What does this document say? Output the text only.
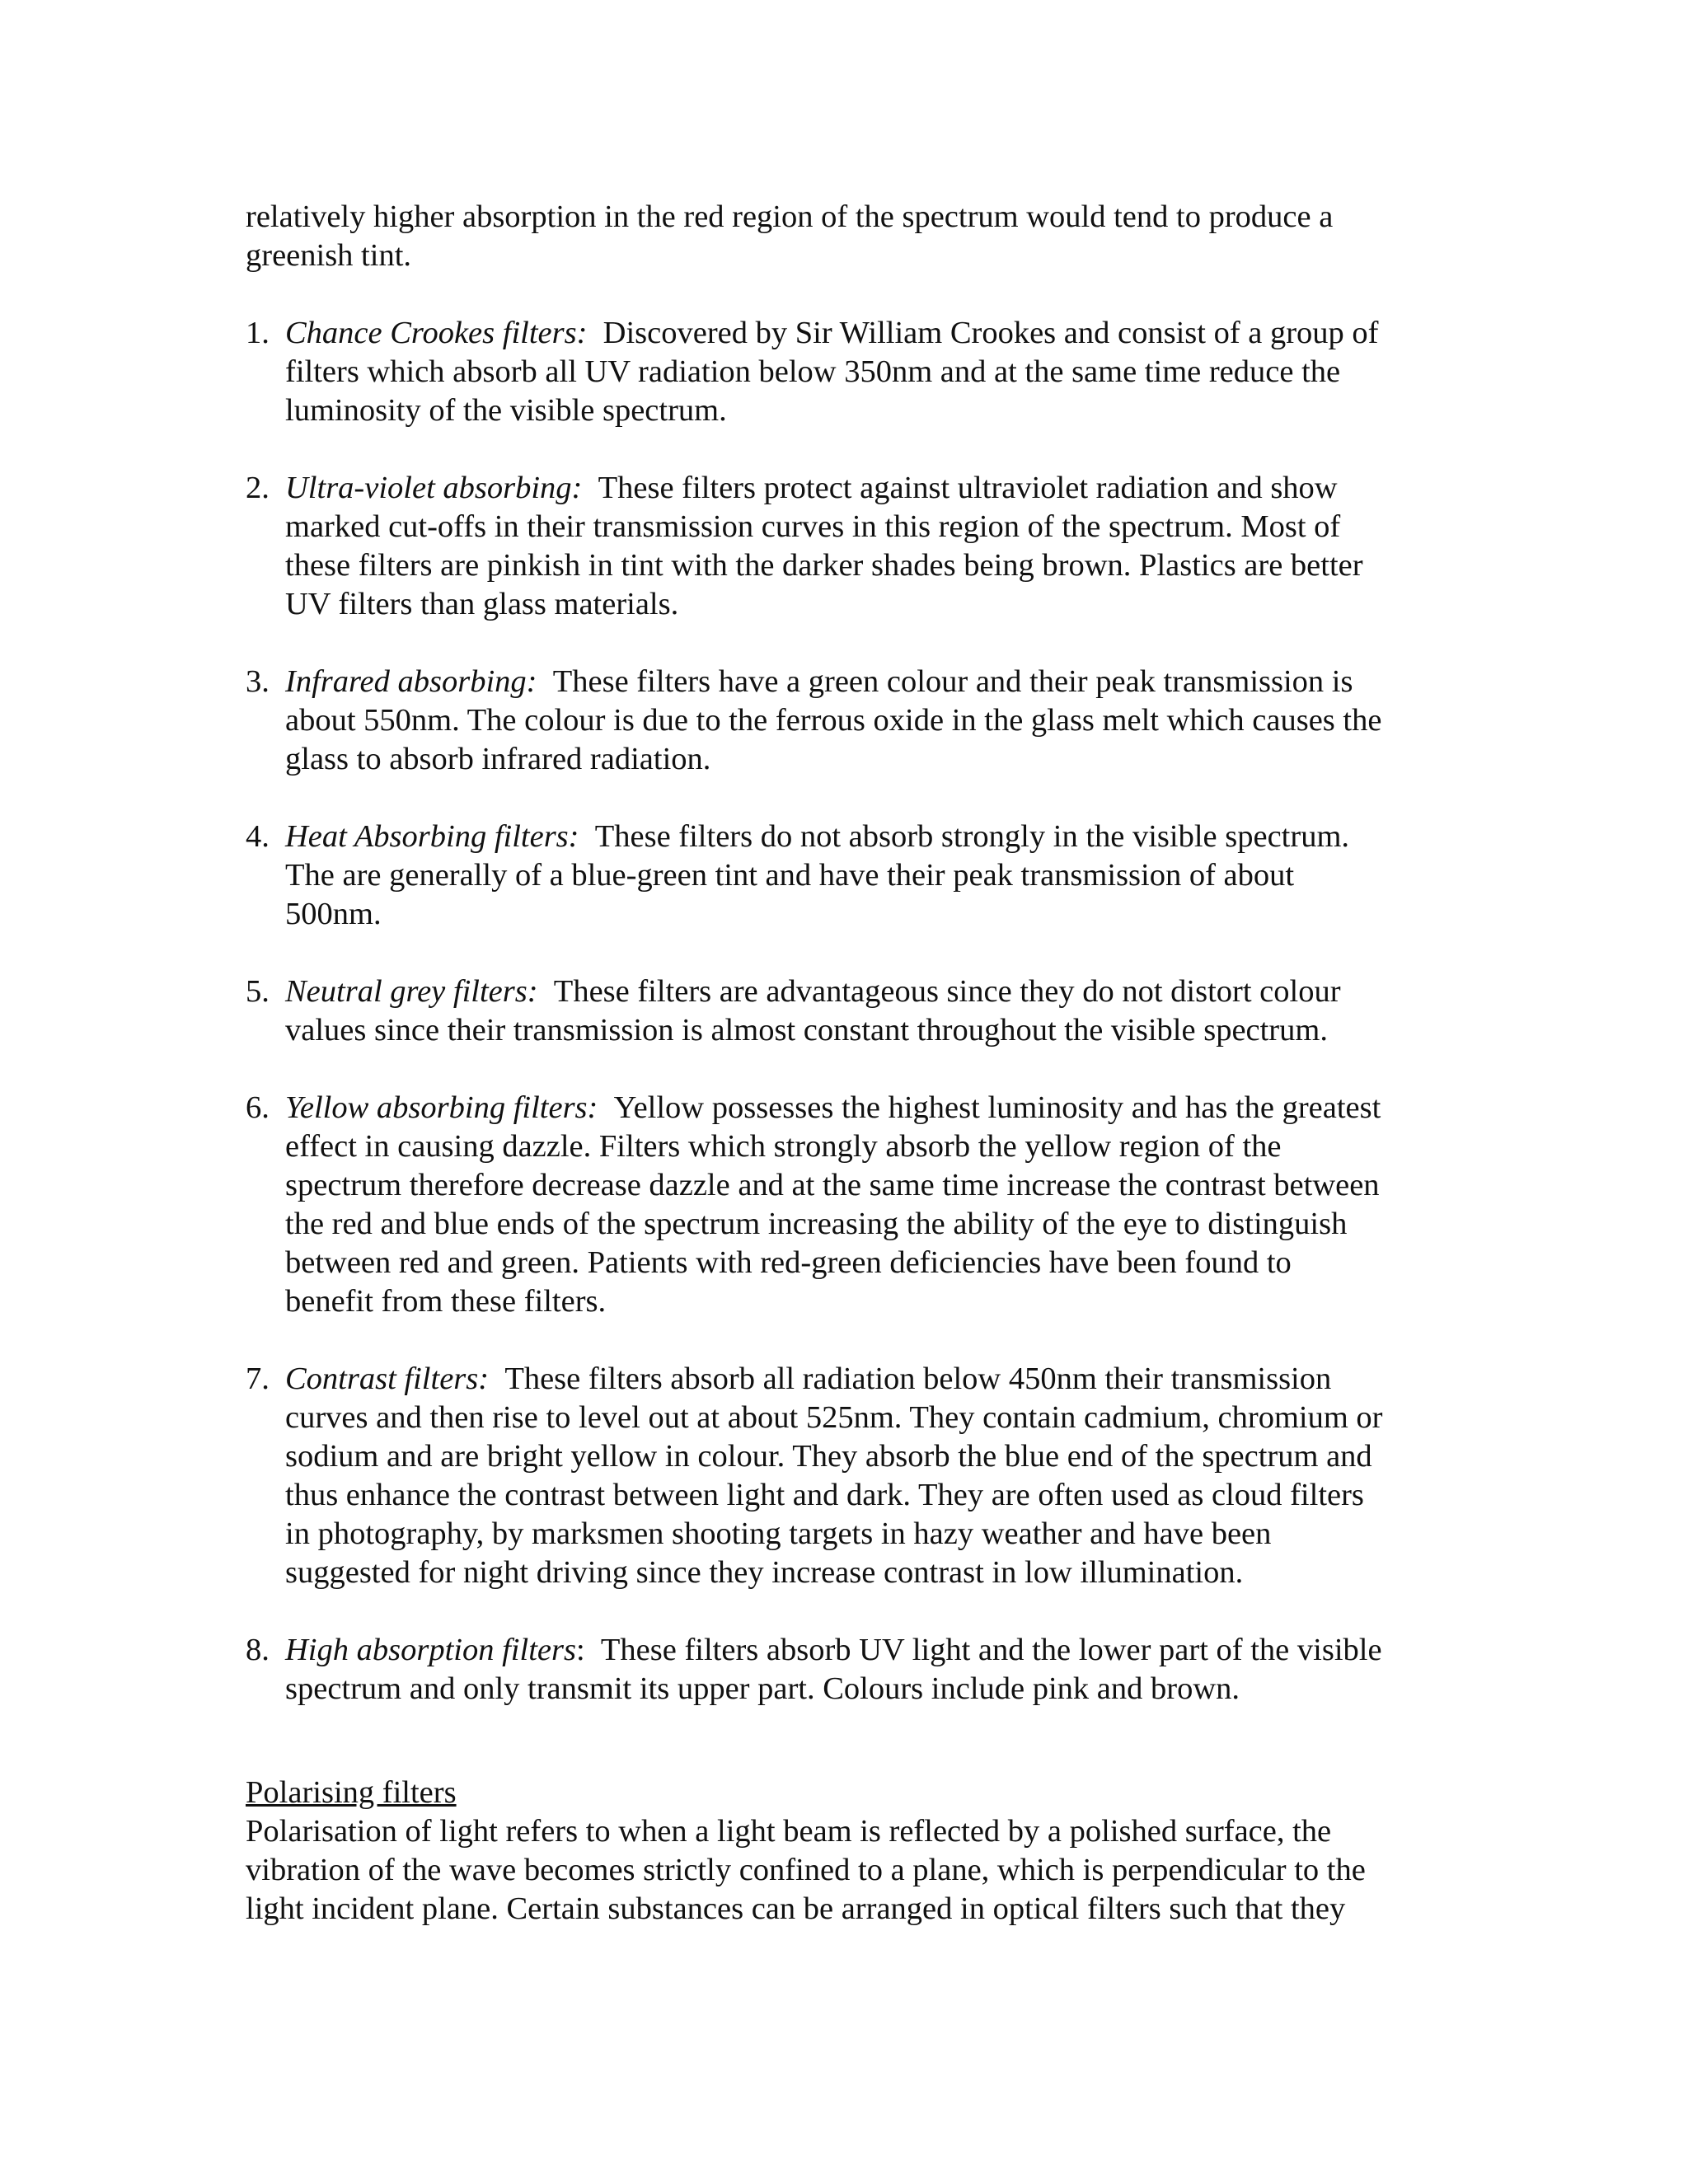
relatively higher absorption in the red region of the spectrum would tend to produce a
greenish tint.
1. Chance Crookes filters: Discovered by Sir William Crookes and consist of a group of
filters which absorb all UV radiation below 350nm and at the same time reduce the
luminosity of the visible spectrum.
2. Ultra-violet absorbing: These filters protect against ultraviolet radiation and show
marked cut-offs in their transmission curves in this region of the spectrum. Most of
these filters are pinkish in tint with the darker shades being brown. Plastics are better
UV filters than glass materials.
3. Infrared absorbing: These filters have a green colour and their peak transmission is
about 550nm. The colour is due to the ferrous oxide in the glass melt which causes the
glass to absorb infrared radiation.
4. Heat Absorbing filters: These filters do not absorb strongly in the visible spectrum.
The are generally of a blue-green tint and have their peak transmission of about
500nm.
5. Neutral grey filters: These filters are advantageous since they do not distort colour
values since their transmission is almost constant throughout the visible spectrum.
6. Yellow absorbing filters: Yellow possesses the highest luminosity and has the greatest
effect in causing dazzle. Filters which strongly absorb the yellow region of the
spectrum therefore decrease dazzle and at the same time increase the contrast between
the red and blue ends of the spectrum increasing the ability of the eye to distinguish
between red and green. Patients with red-green deficiencies have been found to
benefit from these filters.
7. Contrast filters: These filters absorb all radiation below 450nm their transmission
curves and then rise to level out at about 525nm. They contain cadmium, chromium or
sodium and are bright yellow in colour. They absorb the blue end of the spectrum and
thus enhance the contrast between light and dark. They are often used as cloud filters
in photography, by marksmen shooting targets in hazy weather and have been
suggested for night driving since they increase contrast in low illumination.
8. High absorption filters: These filters absorb UV light and the lower part of the visible
spectrum and only transmit its upper part. Colours include pink and brown.
Polarising filters
Polarisation of light refers to when a light beam is reflected by a polished surface, the
vibration of the wave becomes strictly confined to a plane, which is perpendicular to the
light incident plane. Certain substances can be arranged in optical filters such that they
